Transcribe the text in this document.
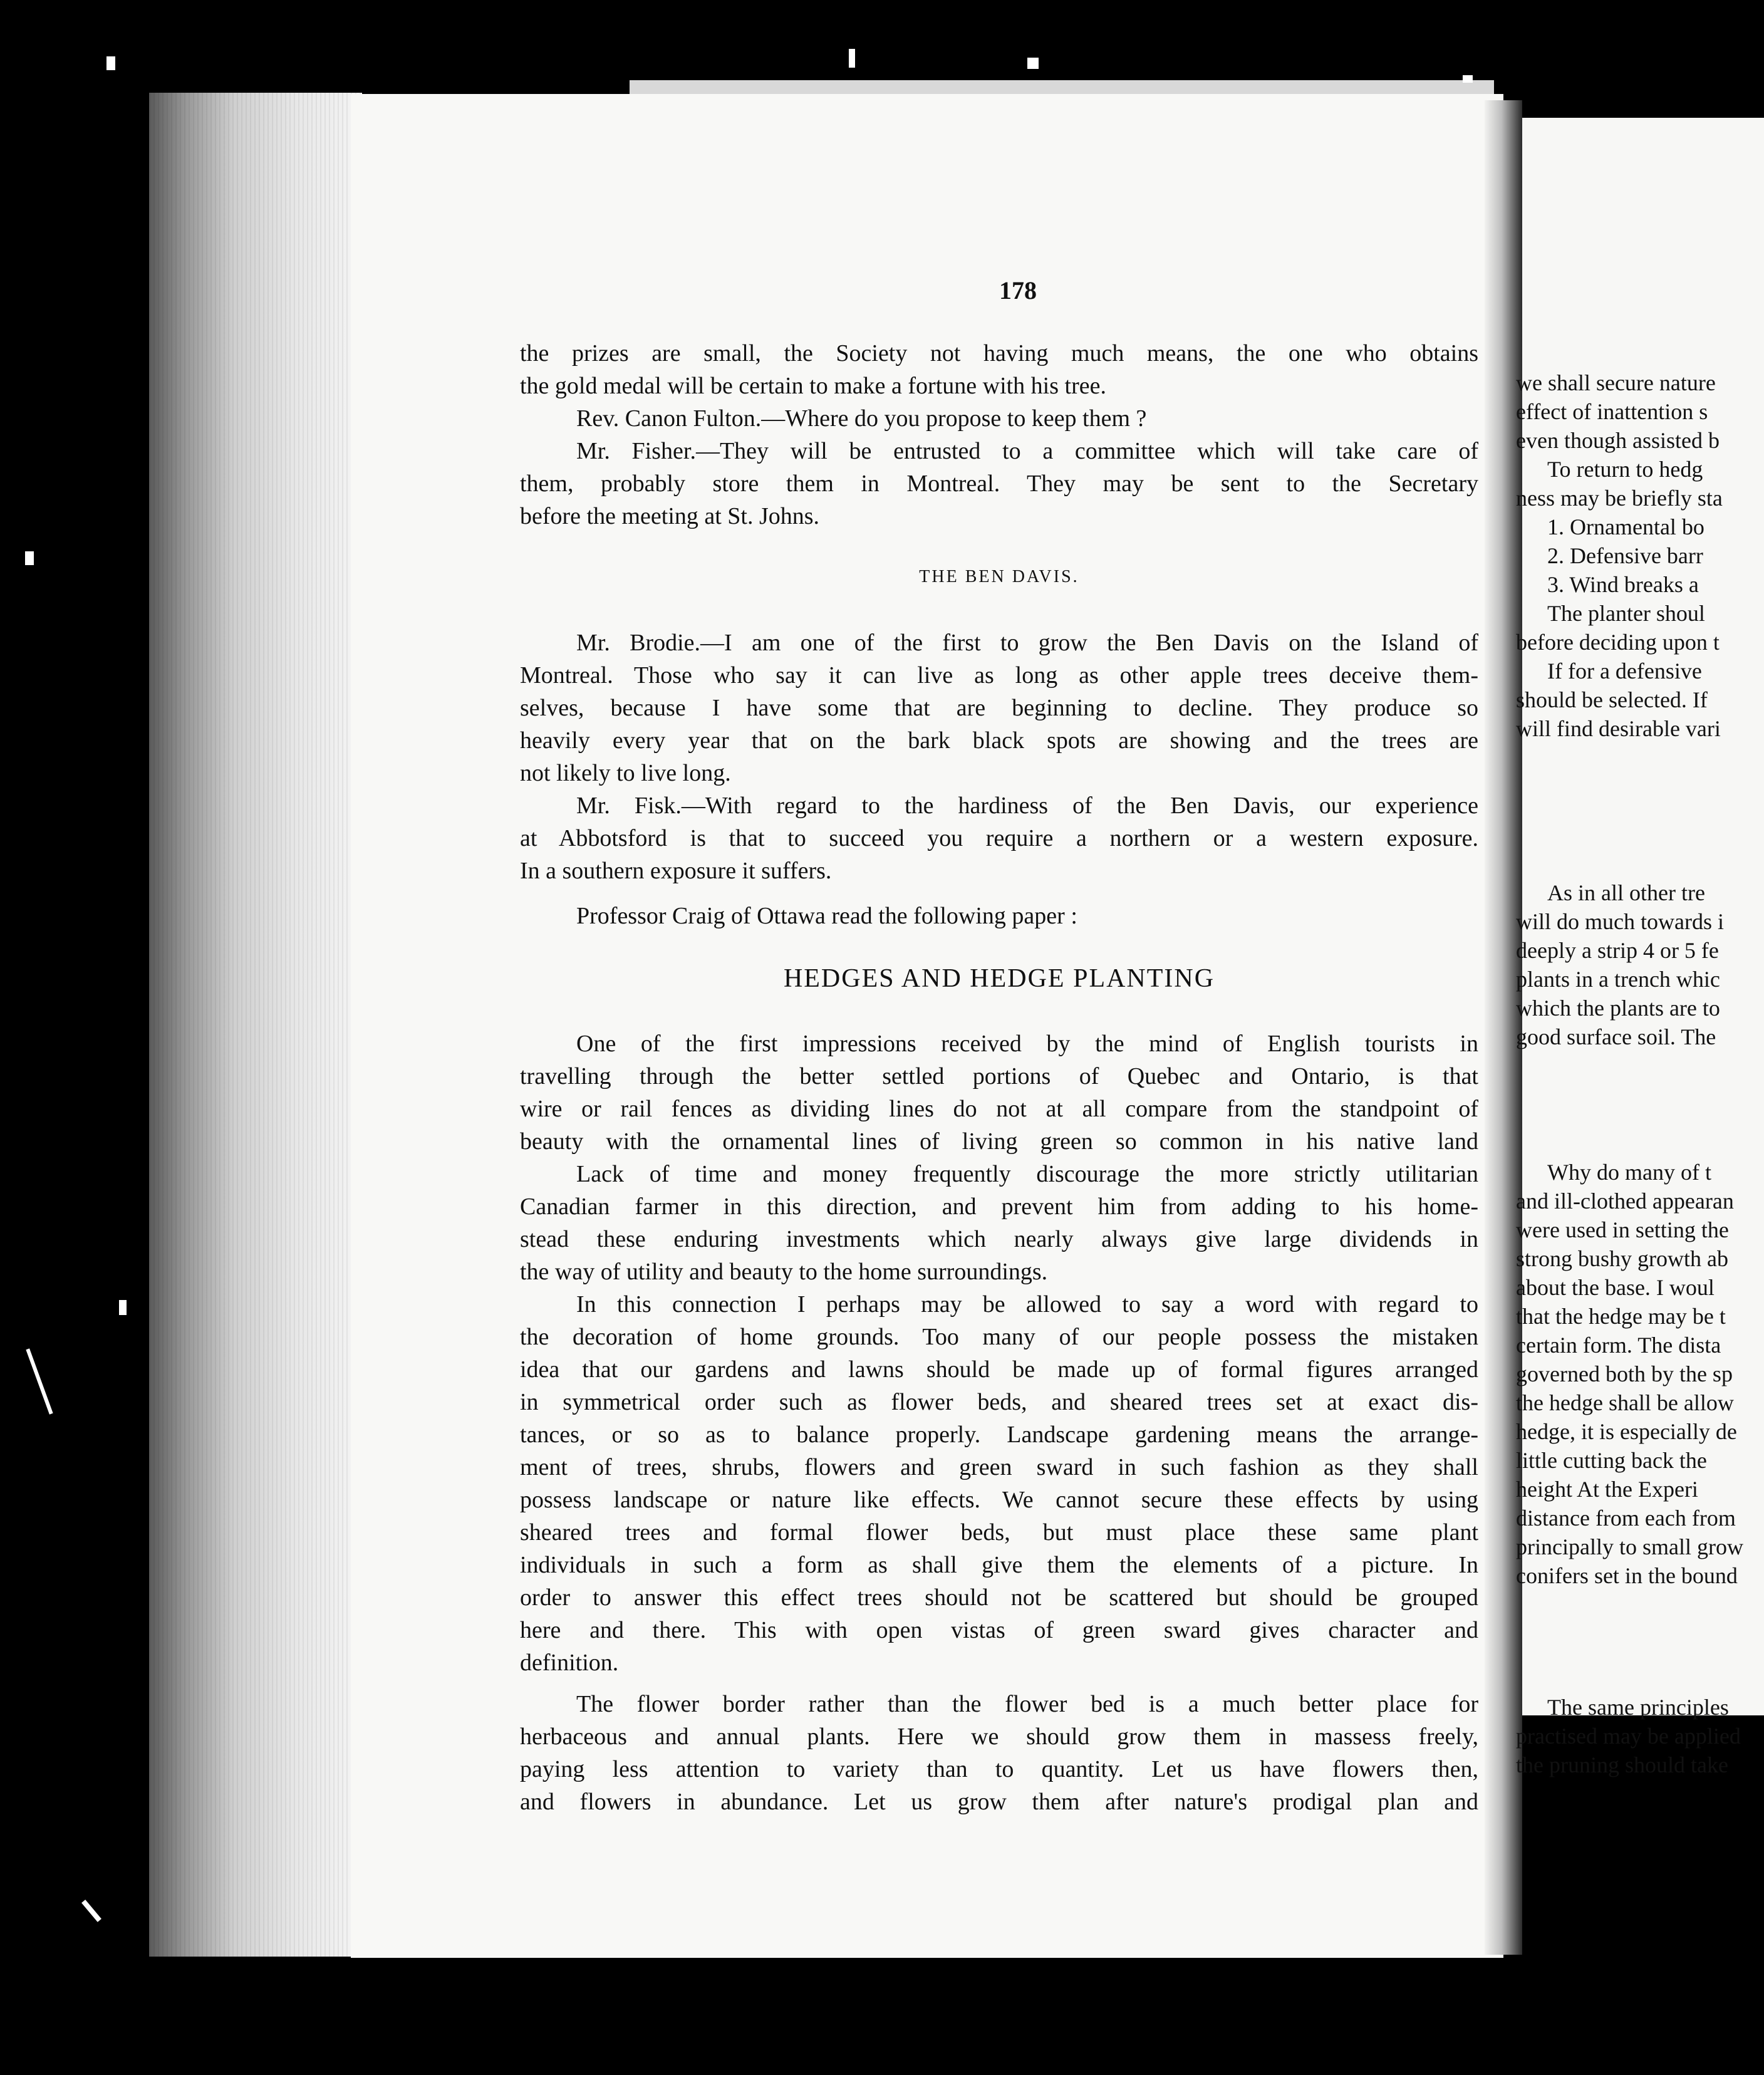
178
the prizes are small, the Society not having much means, the one who obtains
the gold medal will be certain to make a fortune with his tree.
Rev. Canon Fulton.—Where do you propose to keep them ?
Mr. Fisher.—They will be entrusted to a committee which will take care of
them, probably store them in Montreal. They may be sent to the Secretary
before the meeting at St. Johns.
THE BEN DAVIS.
Mr. Brodie.—I am one of the first to grow the Ben Davis on the Island of
Montreal. Those who say it can live as long as other apple trees deceive them-
selves, because I have some that are beginning to decline. They produce so
heavily every year that on the bark black spots are showing and the trees are
not likely to live long.
Mr. Fisk.—With regard to the hardiness of the Ben Davis, our experience
at Abbotsford is that to succeed you require a northern or a western exposure.
In a southern exposure it suffers.
Professor Craig of Ottawa read the following paper :
HEDGES AND HEDGE PLANTING
One of the first impressions received by the mind of English tourists in
travelling through the better settled portions of Quebec and Ontario, is that
wire or rail fences as dividing lines do not at all compare from the standpoint of
beauty with the ornamental lines of living green so common in his native land
Lack of time and money frequently discourage the more strictly utilitarian
Canadian farmer in this direction, and prevent him from adding to his home-
stead these enduring investments which nearly always give large dividends in
the way of utility and beauty to the home surroundings.
In this connection I perhaps may be allowed to say a word with regard to
the decoration of home grounds. Too many of our people possess the mistaken
idea that our gardens and lawns should be made up of formal figures arranged
in symmetrical order such as flower beds, and sheared trees set at exact dis-
tances, or so as to balance properly. Landscape gardening means the arrange-
ment of trees, shrubs, flowers and green sward in such fashion as they shall
possess landscape or nature like effects. We cannot secure these effects by using
sheared trees and formal flower beds, but must place these same plant
individuals in such a form as shall give them the elements of a picture. In
order to answer this effect trees should not be scattered but should be grouped
here and there. This with open vistas of green sward gives character and
definition.
The flower border rather than the flower bed is a much better place for
herbaceous and annual plants. Here we should grow them in massess freely,
paying less attention to variety than to quantity. Let us have flowers then,
and flowers in abundance. Let us grow them after nature's prodigal plan and
we shall secure nature
effect of inattention s
even though assisted b
To return to hedg
ness may be briefly sta
1. Ornamental bo
2. Defensive barr
3. Wind breaks a
The planter shoul
before deciding upon t
If for a defensive
should be selected. If
will find desirable vari
As in all other tre
will do much towards i
deeply a strip 4 or 5 fe
plants in a trench whic
which the plants are to
good surface soil. The
Why do many of t
and ill-clothed appearan
were used in setting the
strong bushy growth ab
about the base. I woul
that the hedge may be t
certain form. The dista
governed both by the sp
the hedge shall be allow
hedge, it is especially de
little cutting back the
height At the Experi
distance from each from
principally to small grow
conifers set in the bound
The same principles
practised may be applied
the pruning should take
